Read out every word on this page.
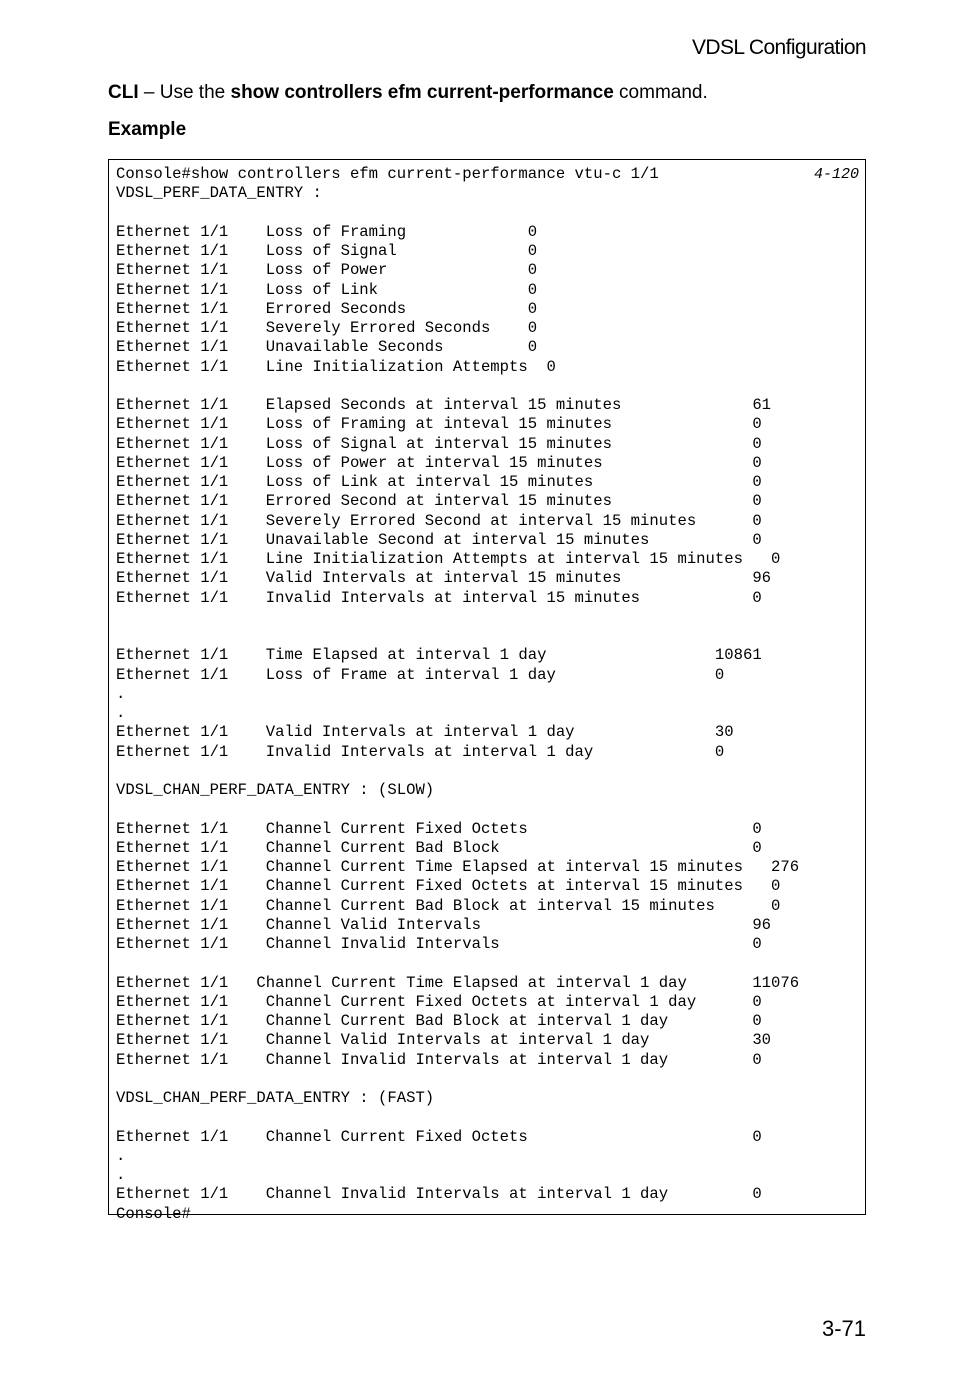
VDSL Configuration
CLI – Use the show controllers efm current-performance command.
Example
Console#show controllers efm current-performance vtu-c 1/1
VDSL_PERF_DATA_ENTRY :

Ethernet 1/1    Loss of Framing             0
Ethernet 1/1    Loss of Signal              0
Ethernet 1/1    Loss of Power               0
Ethernet 1/1    Loss of Link                0
Ethernet 1/1    Errored Seconds             0
Ethernet 1/1    Severely Errored Seconds    0
Ethernet 1/1    Unavailable Seconds         0
Ethernet 1/1    Line Initialization Attempts  0

Ethernet 1/1    Elapsed Seconds at interval 15 minutes              61
Ethernet 1/1    Loss of Framing at inteval 15 minutes               0
Ethernet 1/1    Loss of Signal at interval 15 minutes               0
Ethernet 1/1    Loss of Power at interval 15 minutes                0
Ethernet 1/1    Loss of Link at interval 15 minutes                 0
Ethernet 1/1    Errored Second at interval 15 minutes               0
Ethernet 1/1    Severely Errored Second at interval 15 minutes      0
Ethernet 1/1    Unavailable Second at interval 15 minutes           0
Ethernet 1/1    Line Initialization Attempts at interval 15 minutes   0
Ethernet 1/1    Valid Intervals at interval 15 minutes              96
Ethernet 1/1    Invalid Intervals at interval 15 minutes            0

Ethernet 1/1    Time Elapsed at interval 1 day                  10861
Ethernet 1/1    Loss of Frame at interval 1 day                 0
.
.
Ethernet 1/1    Valid Intervals at interval 1 day               30
Ethernet 1/1    Invalid Intervals at interval 1 day             0

VDSL_CHAN_PERF_DATA_ENTRY : (SLOW)

Ethernet 1/1    Channel Current Fixed Octets                        0
Ethernet 1/1    Channel Current Bad Block                           0
Ethernet 1/1    Channel Current Time Elapsed at interval 15 minutes   276
Ethernet 1/1    Channel Current Fixed Octets at interval 15 minutes   0
Ethernet 1/1    Channel Current Bad Block at interval 15 minutes      0
Ethernet 1/1    Channel Valid Intervals                             96
Ethernet 1/1    Channel Invalid Intervals                           0

Ethernet 1/1   Channel Current Time Elapsed at interval 1 day       11076
Ethernet 1/1    Channel Current Fixed Octets at interval 1 day      0
Ethernet 1/1    Channel Current Bad Block at interval 1 day         0
Ethernet 1/1    Channel Valid Intervals at interval 1 day           30
Ethernet 1/1    Channel Invalid Intervals at interval 1 day         0

VDSL_CHAN_PERF_DATA_ENTRY : (FAST)

Ethernet 1/1    Channel Current Fixed Octets                        0
.
.
Ethernet 1/1    Channel Invalid Intervals at interval 1 day         0
Console#
4-120
3-71
